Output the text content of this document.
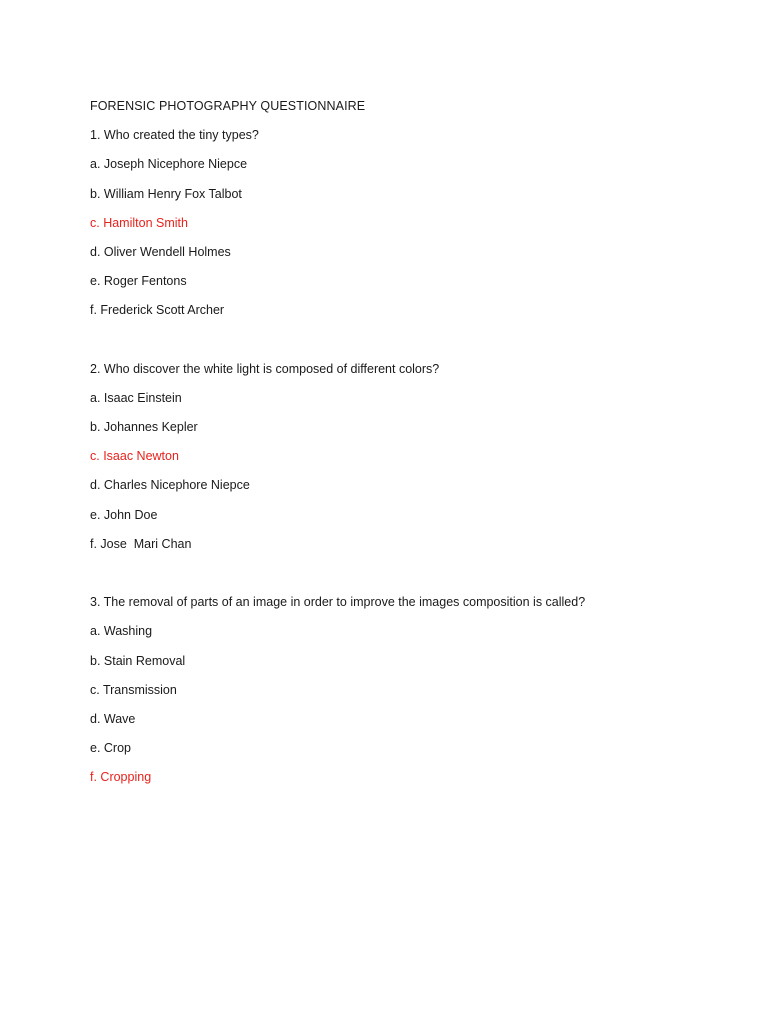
FORENSIC PHOTOGRAPHY QUESTIONNAIRE
1. Who created the tiny types?
a. Joseph Nicephore Niepce
b. William Henry Fox Talbot
c. Hamilton Smith
d. Oliver Wendell Holmes
e. Roger Fentons
f. Frederick Scott Archer
2. Who discover the white light is composed of different colors?
a. Isaac Einstein
b. Johannes Kepler
c. Isaac Newton
d. Charles Nicephore Niepce
e. John Doe
f. Jose  Mari Chan
3. The removal of parts of an image in order to improve the images composition is called?
a. Washing
b. Stain Removal
c. Transmission
d. Wave
e. Crop
f. Cropping
